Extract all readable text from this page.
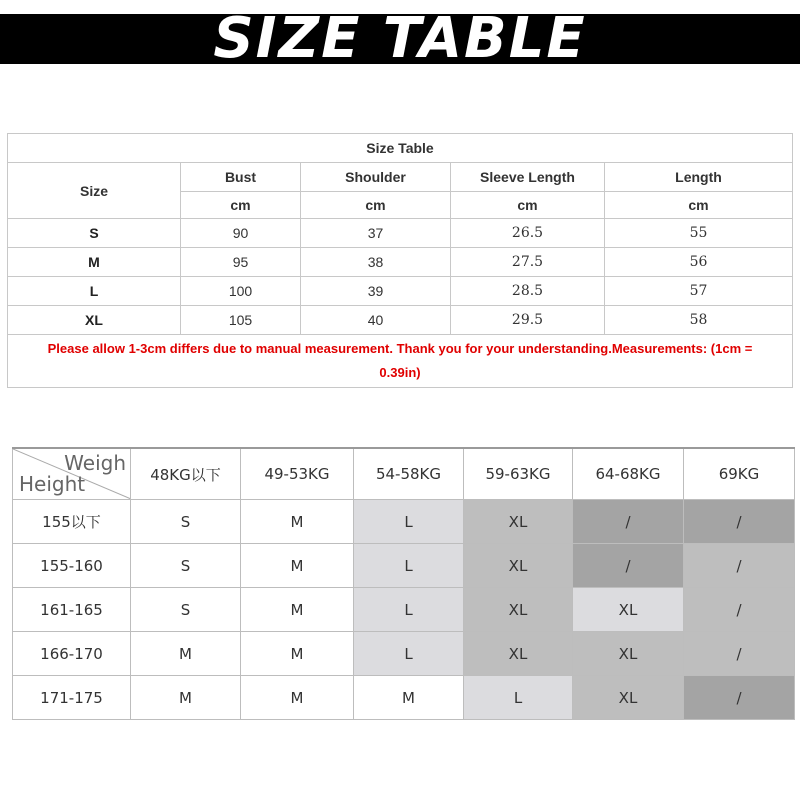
SIZE TABLE
Size Table				
Size	Bust	Shoulder	Sleeve Length	Length
	cm	cm	cm	cm
S	90	37	26.5	55
M	95	38	27.5	56
L	100	39	28.5	57
XL	105	40	29.5	58
Please allow 1-3cm differs due to manual measurement. Thank you for your understanding.Measurements: (1cm =
0.39in)				
Weigh
Height	48KG以下	49-53KG	54-58KG	59-63KG	64-68KG	69KG
155以下	S	M	L	XL	/	/
155-160	S	M	L	XL	/	/
161-165	S	M	L	XL	XL	/
166-170	M	M	L	XL	XL	/
171-175	M	M	M	L	XL	/
